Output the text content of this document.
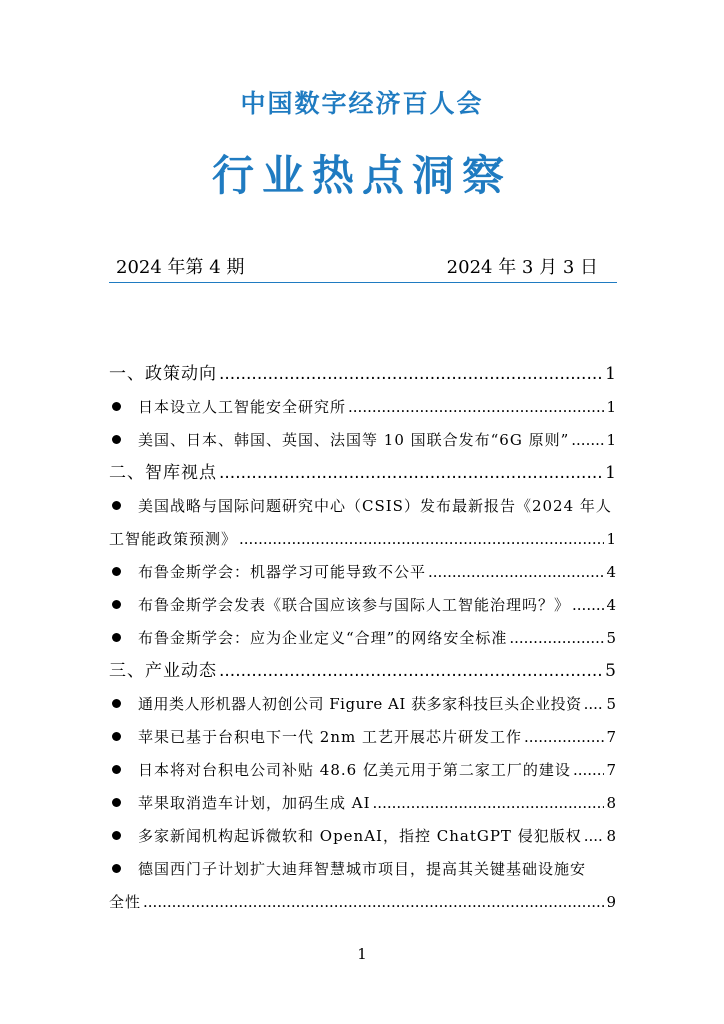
中国数字经济百人会
行业热点洞察
2024 年第 4 期	2024 年 3 月 3 日
一、政策动向 .....	1
日本设立人工智能安全研究所 .....	1
美国、日本、韩国、英国、法国等 10 国联合发布“6G 原则” ..... 1
二、智库视点 .....	1
美国战略与国际问题研究中心（CSIS）发布最新报告《2024 年人
工智能政策预测》 .....	1
布鲁金斯学会：机器学习可能导致不公平 .....	4
布鲁金斯学会发表《联合国应该参与国际人工智能治理吗？》 ..... 4
布鲁金斯学会：应为企业定义“合理”的网络安全标准 .....	5
三、产业动态 .....	5
通用类人形机器人初创公司 Figure AI 获多家科技巨头企业投资 ..... 5
苹果已基于台积电下一代 2nm 工艺开展芯片研发工作 .....	7
日本将对台积电公司补贴 48.6 亿美元用于第二家工厂的建设 ..... 7
苹果取消造车计划，加码生成 AI .....	8
多家新闻机构起诉微软和 OpenAI，指控 ChatGPT 侵犯版权 ..... 8
德国西门子计划扩大迪拜智慧城市项目，提高其关键基础设施安
全性 .....	9
1
